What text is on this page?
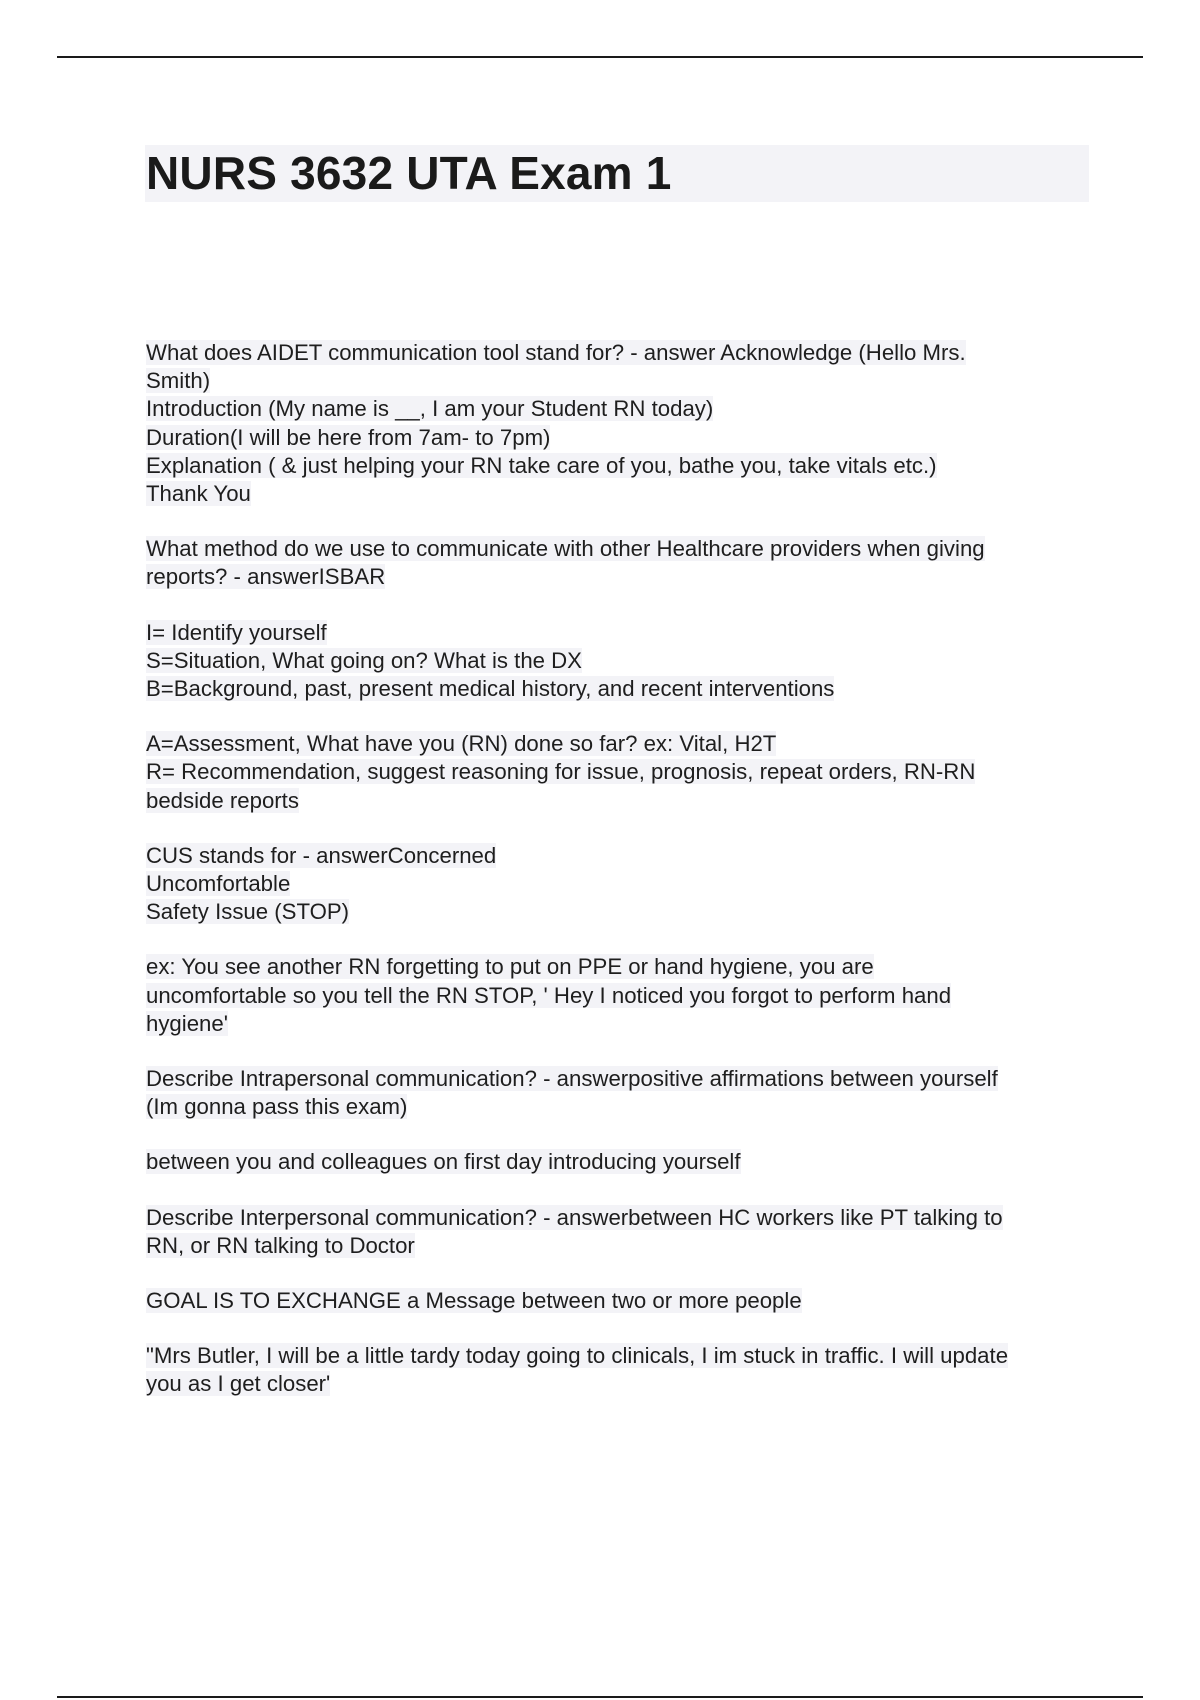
NURS 3632 UTA Exam 1
What does AIDET communication tool stand for? - answer Acknowledge (Hello Mrs.
Smith)
Introduction (My name is __, I am your Student RN today)
Duration(I will be here from 7am- to 7pm)
Explanation ( & just helping your RN take care of you, bathe you, take vitals etc.)
Thank You
What method do we use to communicate with other Healthcare providers when giving
reports? - answerISBAR
I= Identify yourself
S=Situation, What going on? What is the DX
B=Background, past, present medical history, and recent interventions
A=Assessment, What have you (RN) done so far? ex: Vital, H2T
R= Recommendation, suggest reasoning for issue, prognosis, repeat orders, RN-RN
bedside reports
CUS stands for - answerConcerned
Uncomfortable
Safety Issue (STOP)
ex: You see another RN forgetting to put on PPE or hand hygiene, you are
uncomfortable so you tell the RN STOP, ' Hey I noticed you forgot to perform hand
hygiene'
Describe Intrapersonal communication? - answerpositive affirmations between yourself
(Im gonna pass this exam)
between you and colleagues on first day introducing yourself
Describe Interpersonal communication? - answerbetween HC workers like PT talking to
RN, or RN talking to Doctor
GOAL IS TO EXCHANGE a Message between two or more people
"Mrs Butler, I will be a little tardy today going to clinicals, I im stuck in traffic. I will update
you as I get closer'
